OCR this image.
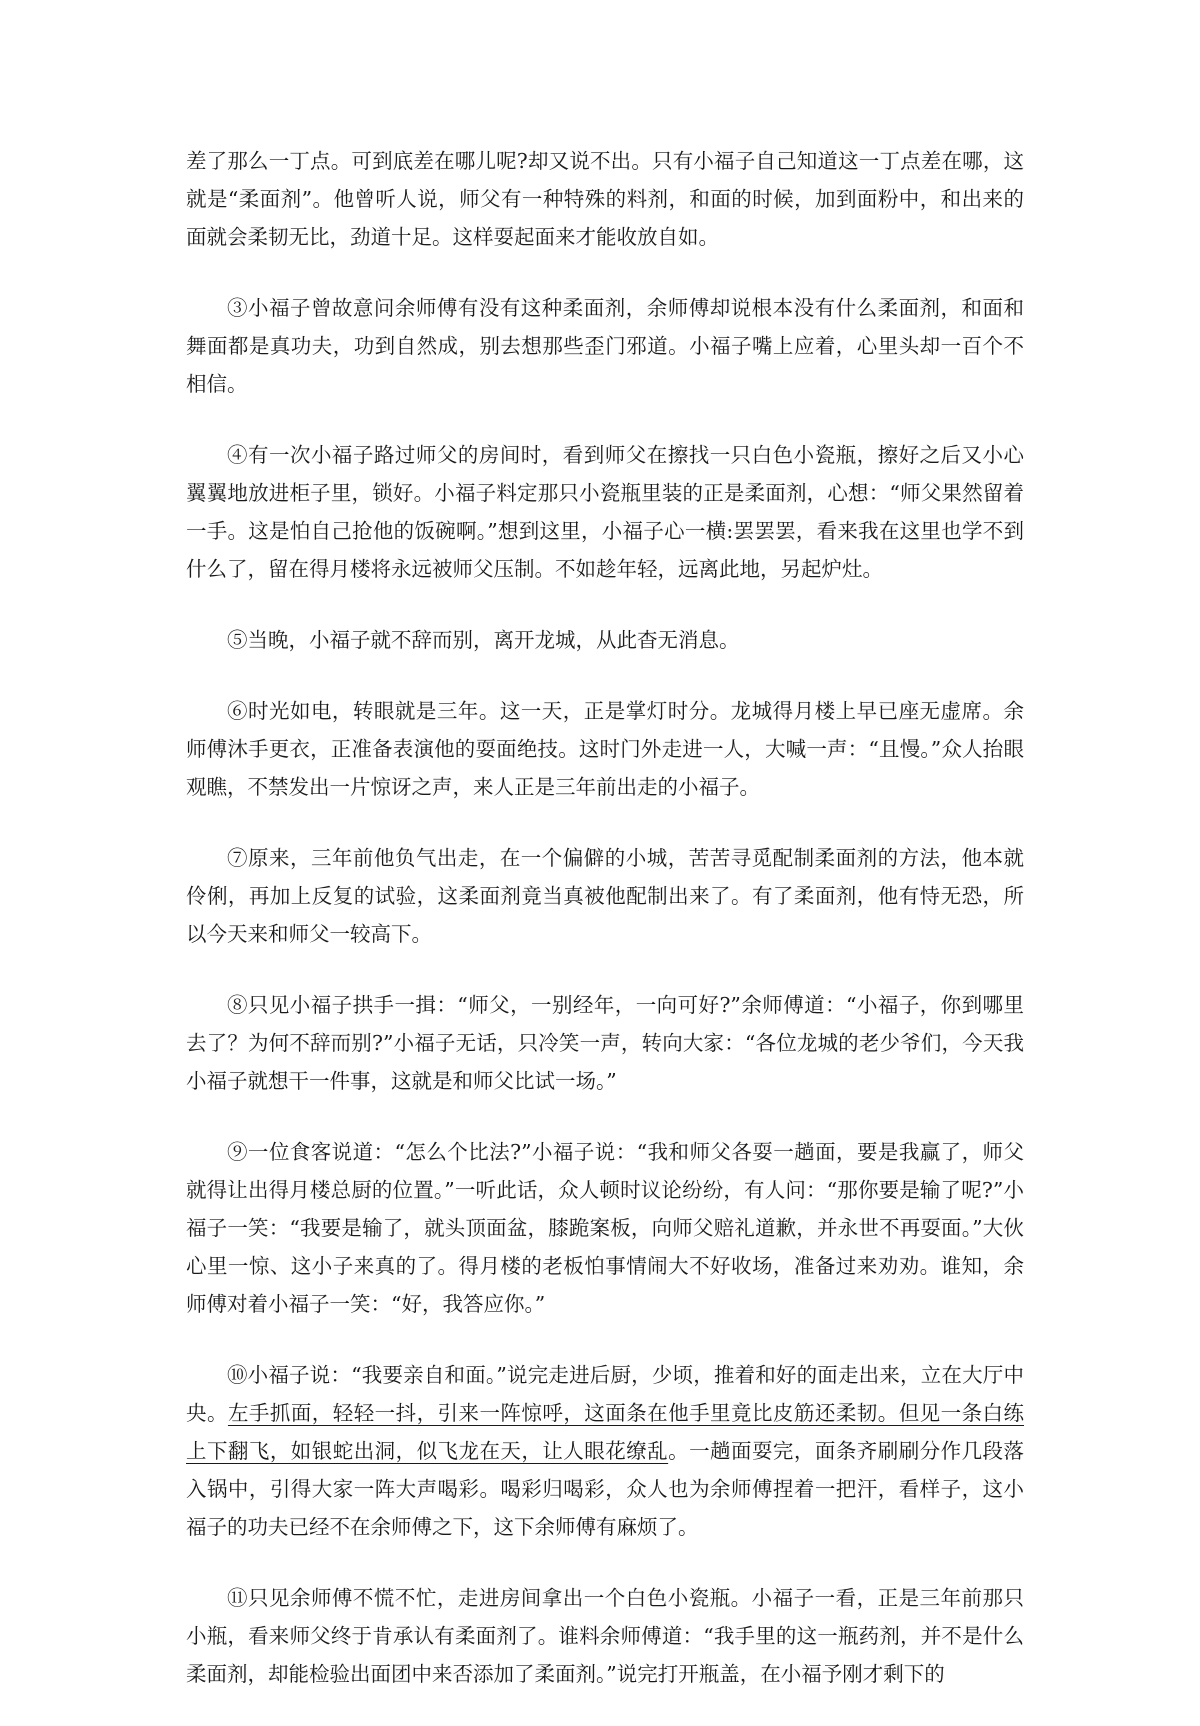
差了那么一丁点。可到底差在哪儿呢?却又说不出。只有小福子自己知道这一丁点差在哪，这就是“柔面剂”。他曾听人说，师父有一种特殊的料剂，和面的时候，加到面粉中，和出来的面就会柔韧无比，劲道十足。这样耍起面来才能收放自如。

③小福子曾故意问余师傅有没有这种柔面剂，余师傅却说根本没有什么柔面剂，和面和舞面都是真功夫，功到自然成，别去想那些歪门邪道。小福子嘴上应着，心里头却一百个不相信。

④有一次小福子路过师父的房间时，看到师父在擦找一只白色小瓷瓶，擦好之后又小心翼翼地放进柜子里，锁好。小福子料定那只小瓷瓶里装的正是柔面剂，心想：“师父果然留着一手。这是怕自己抢他的饭碗啊。”想到这里，小福子心一横:罢罢罢，看来我在这里也学不到什么了，留在得月楼将永远被师父压制。不如趁年轻，远离此地，另起炉灶。

⑤当晚，小福子就不辞而别，离开龙城，从此杳无消息。

⑥时光如电，转眼就是三年。这一天，正是掌灯时分。龙城得月楼上早已座无虚席。余师傅沐手更衣，正准备表演他的耍面绝技。这时门外走进一人，大喊一声：“且慢。”众人抬眼观瞧，不禁发出一片惊讶之声，来人正是三年前出走的小福子。

⑦原来，三年前他负气出走，在一个偏僻的小城，苦苦寻觅配制柔面剂的方法，他本就伶俐，再加上反复的试验，这柔面剂竟当真被他配制出来了。有了柔面剂，他有恃无恐，所以今天来和师父一较高下。

⑧只见小福子拱手一揖：“师父，一别经年，一向可好?”余师傅道：“小福子，你到哪里去了？为何不辞而别?”小福子无话，只冷笑一声，转向大家：“各位龙城的老少爷们，今天我小福子就想干一件事，这就是和师父比试一场。”

⑨一位食客说道：“怎么个比法?”小福子说：“我和师父各耍一趟面，要是我赢了，师父就得让出得月楼总厨的位置。”一听此话，众人顿时议论纷纷，有人问：“那你要是输了呢?”小福子一笑：“我要是输了，就头顶面盆，膝跪案板，向师父赔礼道歉，并永世不再耍面。”大伙心里一惊、这小子来真的了。得月楼的老板怕事情闹大不好收场，准备过来劝劝。谁知，余师傅对着小福子一笑：“好，我答应你。”

⑩小福子说：“我要亲自和面。”说完走进后厨，少顷，推着和好的面走出来，立在大厅中央。左手抓面，轻轻一抖，引来一阵惊呼，这面条在他手里竟比皮筋还柔韧。但见一条白练上下翻飞，如银蛇出洞，似飞龙在天，让人眼花缭乱。一趟面耍完，面条齐刷刷分作几段落入锅中，引得大家一阵大声喝彩。喝彩归喝彩，众人也为余师傅捏着一把汗，看样子，这小福子的功夫已经不在余师傅之下，这下余师傅有麻烦了。

⑪只见余师傅不慌不忙，走进房间拿出一个白色小瓷瓶。小福子一看，正是三年前那只小瓶，看来师父终于肯承认有柔面剂了。谁料余师傅道：“我手里的这一瓶药剂，并不是什么柔面剂，却能检验出面团中来否添加了柔面剂。”说完打开瓶盖，在小福予刚才剩下的
